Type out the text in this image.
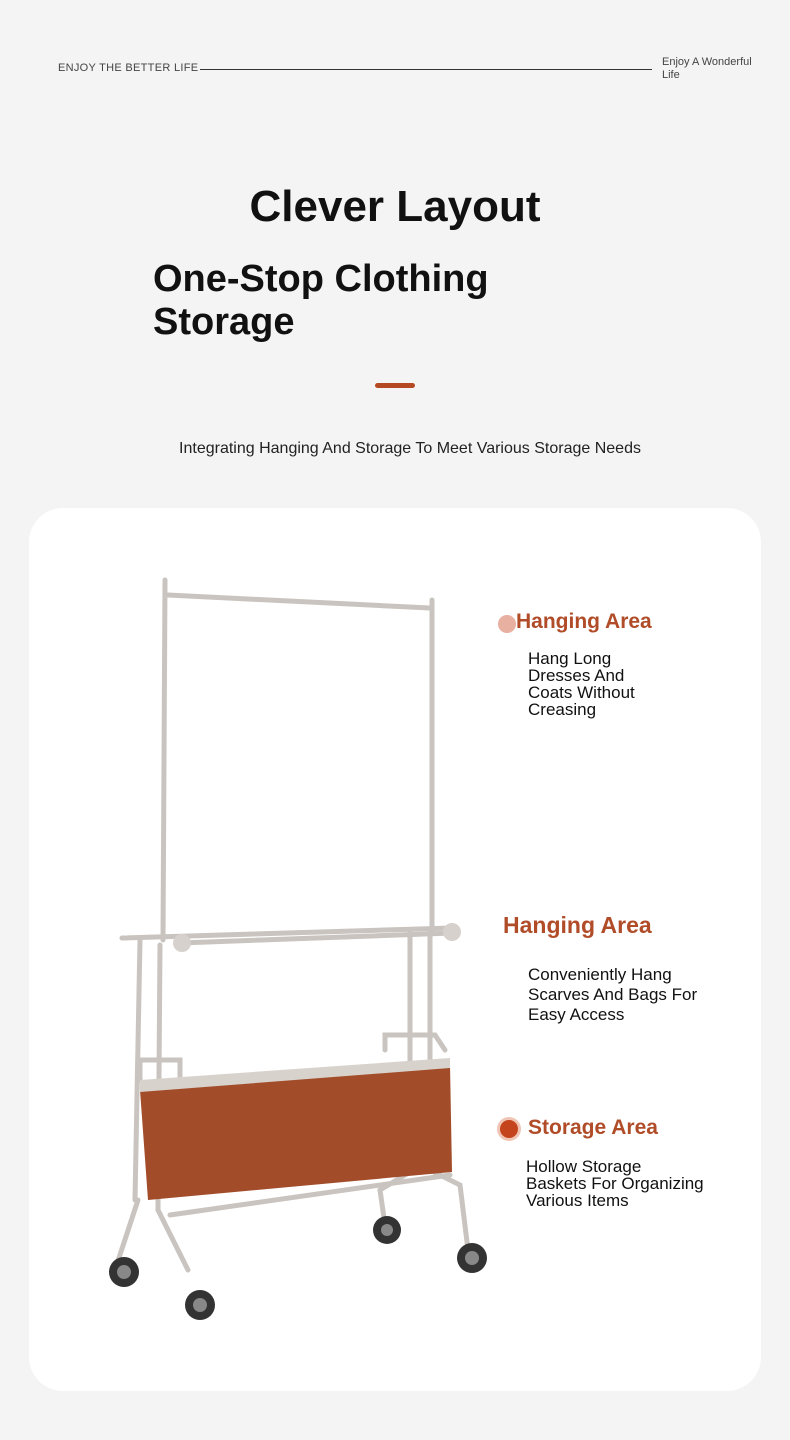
ENJOY THE BETTER LIFE	Enjoy A Wonderful Life
Clever Layout
One-Stop Clothing Storage
Integrating Hanging And Storage To Meet Various Storage Needs
Hanging Area
Hang Long Dresses And Coats Without Creasing
Hanging Area
Conveniently Hang Scarves And Bags For Easy Access
Storage Area
Hollow Storage Baskets For Organizing Various Items
